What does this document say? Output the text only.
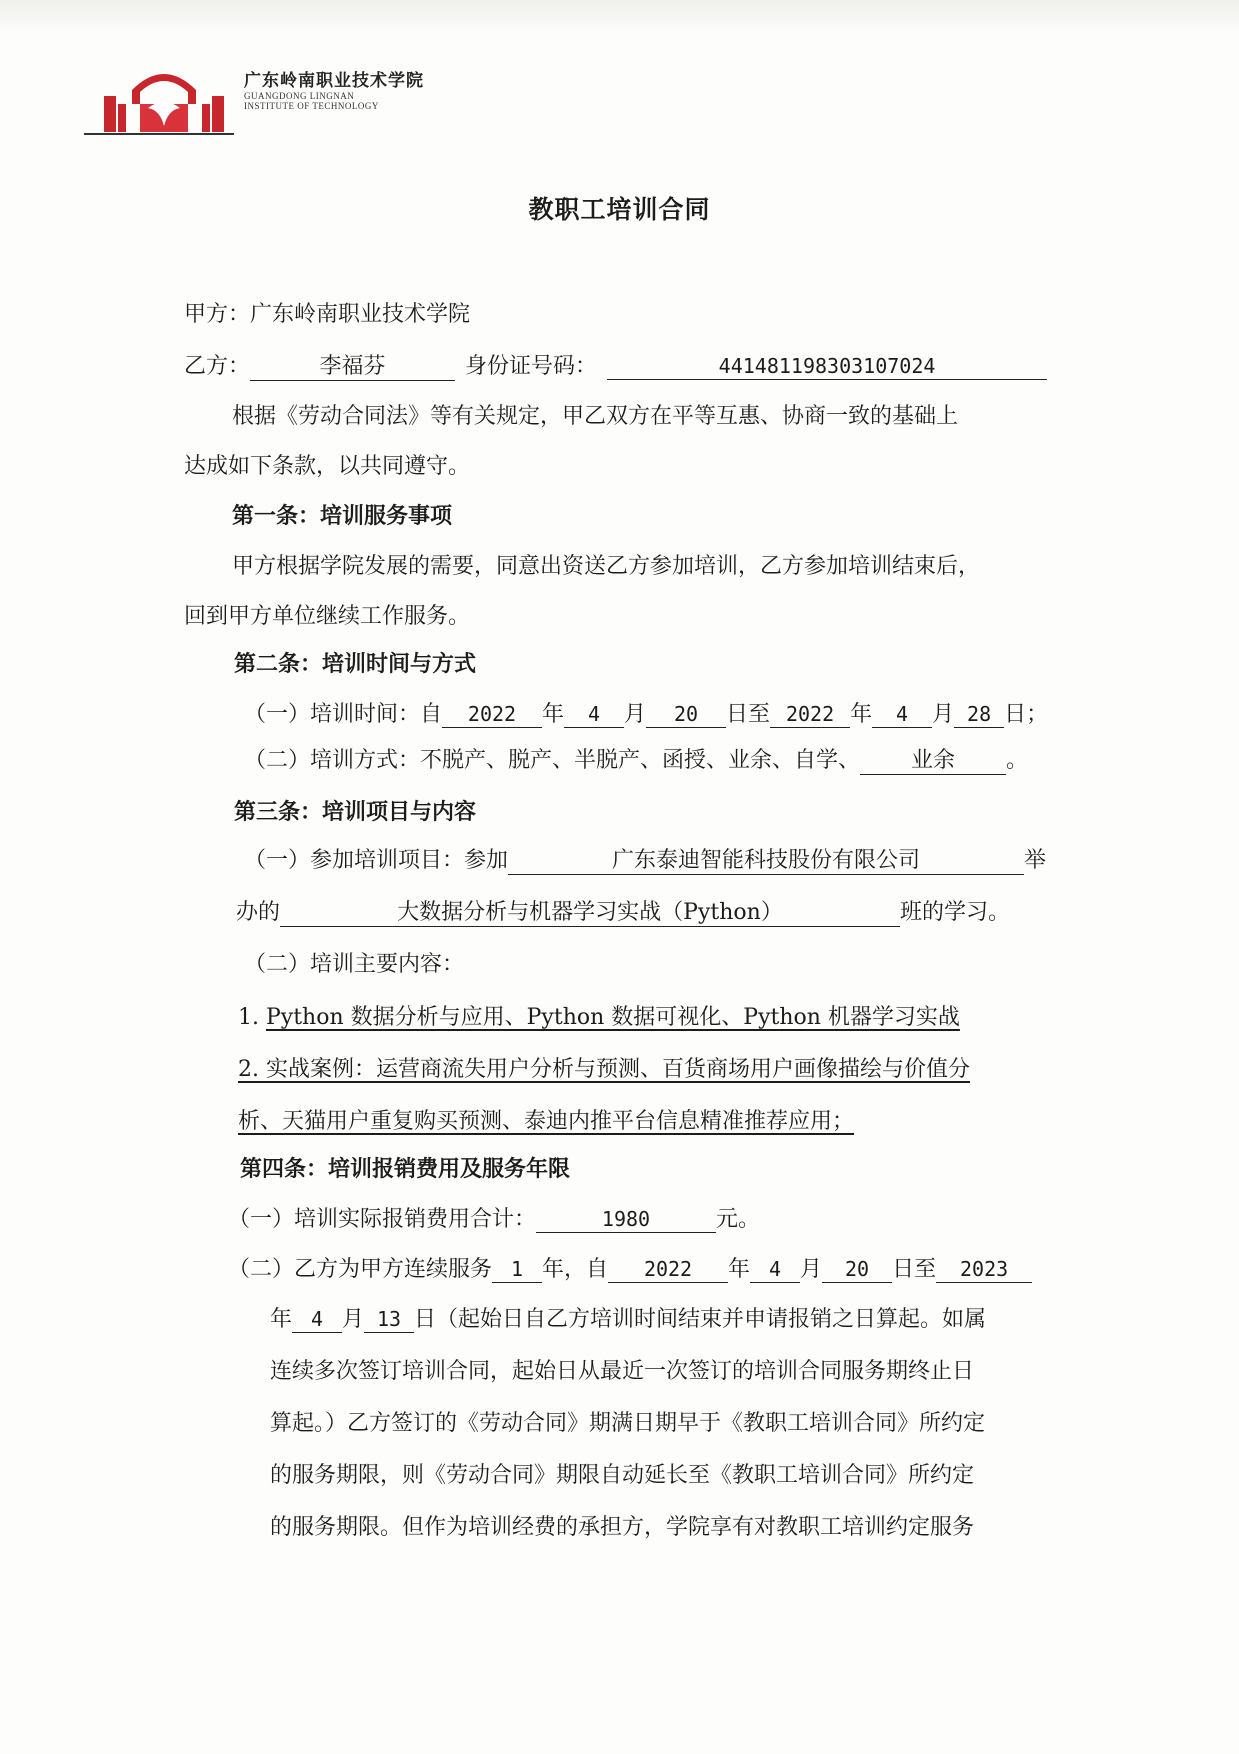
广东岭南职业技术学院
GUANGDONG LINGNAN
INSTITUTE OF TECHNOLOGY
教职工培训合同
甲方：广东岭南职业技术学院
乙方：	李福芬	身份证号码：	441481198303107024
根据《劳动合同法》等有关规定，甲乙双方在平等互惠、协商一致的基础上
达成如下条款，以共同遵守。
第一条：培训服务事项
甲方根据学院发展的需要，同意出资送乙方参加培训，乙方参加培训结束后，
回到甲方单位继续工作服务。
第二条：培训时间与方式
（一）培训时间：自 2022 年 4 月 20 日至 2022 年 4 月 28 日；
（二）培训方式：不脱产、脱产、半脱产、函授、业余、自学、 业余 。
第三条：培训项目与内容
（一）参加培训项目：参加	广东泰迪智能科技股份有限公司	举
办的	大数据分析与机器学习实战（Python）	班的学习。
（二）培训主要内容：
1. Python 数据分析与应用、Python 数据可视化、Python 机器学习实战
2. 实战案例：运营商流失用户分析与预测、百货商场用户画像描绘与价值分
析、天猫用户重复购买预测、泰迪内推平台信息精准推荐应用；
第四条：培训报销费用及服务年限
（一）培训实际报销费用合计：	1980	元。
（二）乙方为甲方连续服务 1 年，自 2022 年 4 月 20 日至 2023
年 4 月 13 日（起始日自乙方培训时间结束并申请报销之日算起。如属
连续多次签订培训合同，起始日从最近一次签订的培训合同服务期终止日
算起。）乙方签订的《劳动合同》期满日期早于《教职工培训合同》所约定
的服务期限，则《劳动合同》期限自动延长至《教职工培训合同》所约定
的服务期限。但作为培训经费的承担方，学院享有对教职工培训约定服务
